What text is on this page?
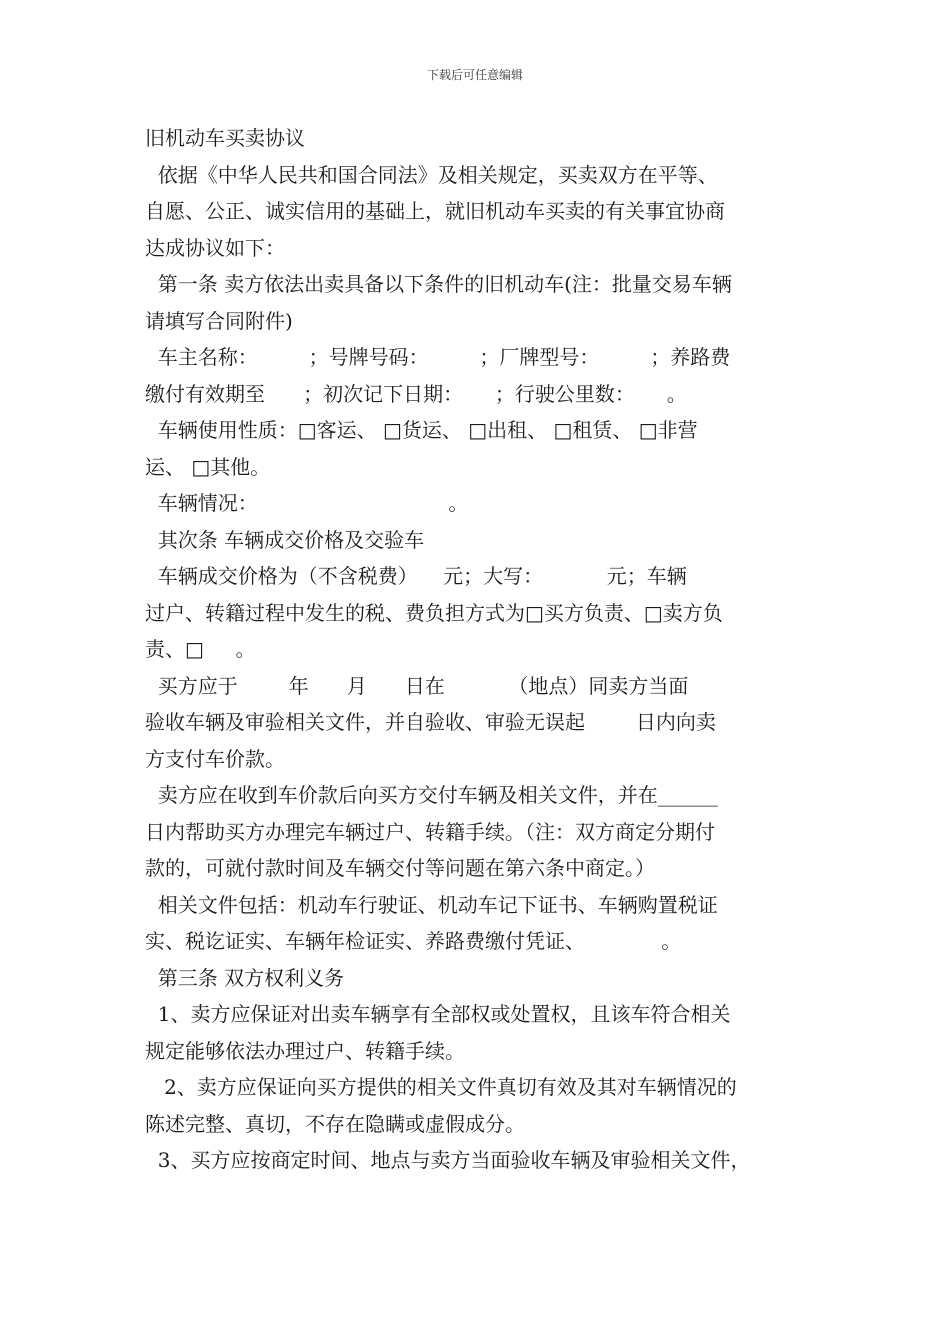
下载后可任意编辑
旧机动车买卖协议
依据《中华人民共和国合同法》及相关规定，买卖双方在平等、
自愿、公正、诚实信用的基础上，就旧机动车买卖的有关事宜协商
达成协议如下：
第一条 卖方依法出卖具备以下条件的旧机动车(注：批量交易车辆
请填写合同附件)
车主名称：        ；号牌号码：        ；厂牌型号：        ；养路费
缴付有效期至      ；初次记下日期：     ；行驶公里数：     。
车辆使用性质：□客运、 □货运、 □出租、 □租赁、 □非营
运、 □其他。
车辆情况：                              。
其次条 车辆成交价格及交验车
车辆成交价格为（不含税费）    元；大写：          元；车辆
过户、转籍过程中发生的税、费负担方式为□买方负责、□卖方负
责、□     。
买方应于        年      月      日在          （地点）同卖方当面
验收车辆及审验相关文件，并自验收、审验无误起        日内向卖
方支付车价款。
卖方应在收到车价款后向买方交付车辆及相关文件，并在______
日内帮助买方办理完车辆过户、转籍手续。（注：双方商定分期付
款的，可就付款时间及车辆交付等问题在第六条中商定。）
相关文件包括：机动车行驶证、机动车记下证书、车辆购置税证
实、税讫证实、车辆年检证实、养路费缴付凭证、            。
第三条 双方权利义务
1、卖方应保证对出卖车辆享有全部权或处置权，且该车符合相关
规定能够依法办理过户、转籍手续。
2、卖方应保证向买方提供的相关文件真切有效及其对车辆情况的
陈述完整、真切，不存在隐瞒或虚假成分。
3、买方应按商定时间、地点与卖方当面验收车辆及审验相关文件，
